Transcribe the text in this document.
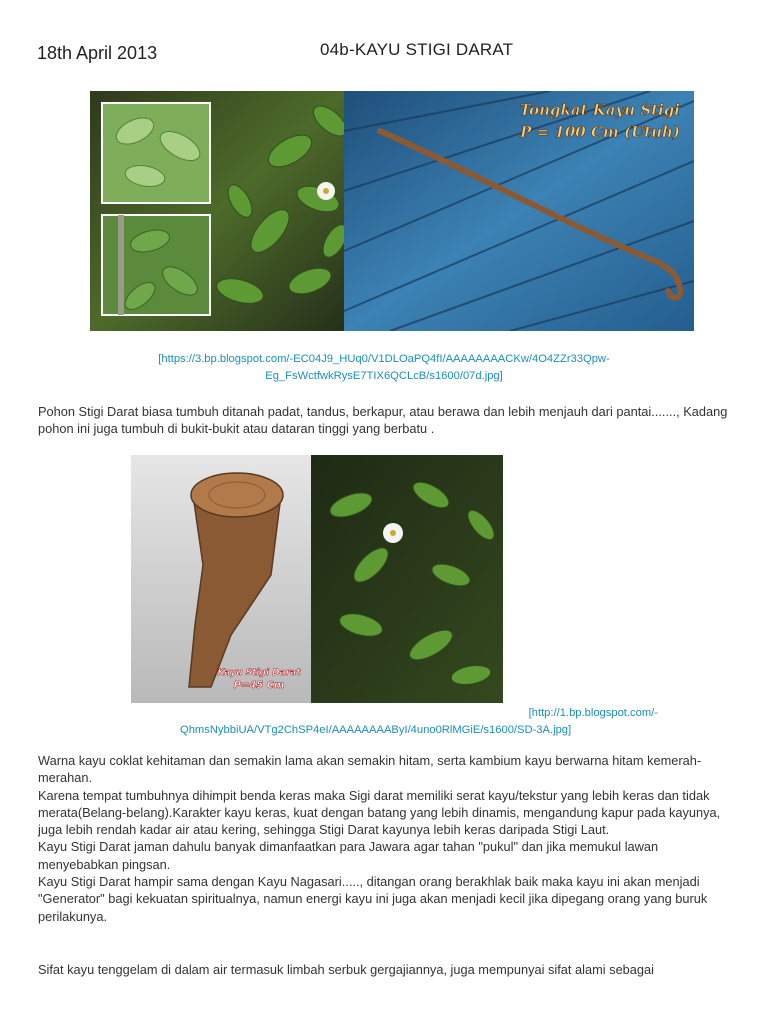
18th April 2013	04b-KAYU STIGI DARAT
Tongkat Kayu Stigi
P = 100 Cm (Utuh)
[https://3.bp.blogspot.com/-EC04J9_HUq0/V1DLOaPQ4fI/AAAAAAAACKw/4O4ZZr33Qpw-Eg_FsWctfwkRysE7TIX6QCLcB/s1600/07d.jpg]

Pohon Stigi Darat biasa tumbuh ditanah padat, tandus, berkapur, atau berawa dan lebih menjauh dari pantai......., Kadang pohon ini juga tumbuh di bukit-bukit atau dataran tinggi yang berbatu .

Kayu Stigi Darat
P=45 Cm
[http://1.bp.blogspot.com/-
QhmsNybbiUA/VTg2ChSP4eI/AAAAAAAAByI/4uno0RlMGiE/s1600/SD-3A.jpg]
Warna kayu coklat kehitaman dan semakin lama akan semakin hitam, serta kambium kayu berwarna hitam kemerah-merahan.
Karena tempat tumbuhnya dihimpit benda keras maka Sigi darat memiliki serat kayu/tekstur yang lebih keras dan tidak merata(Belang-belang).Karakter kayu keras, kuat dengan batang yang lebih dinamis, mengandung kapur pada kayunya, juga lebih rendah kadar air atau kering, sehingga Stigi Darat kayunya lebih keras daripada Stigi Laut.
Kayu Stigi Darat jaman dahulu banyak dimanfaatkan para Jawara agar tahan "pukul" dan jika memukul lawan menyebabkan pingsan.
Kayu Stigi Darat hampir sama dengan Kayu Nagasari....., ditangan orang berakhlak baik maka kayu ini akan menjadi "Generator" bagi kekuatan spiritualnya, namun energi kayu ini juga akan menjadi kecil jika dipegang orang yang buruk perilakunya.

Sifat kayu tenggelam di dalam air termasuk limbah serbuk gergajiannya, juga mempunyai sifat alami sebagai
